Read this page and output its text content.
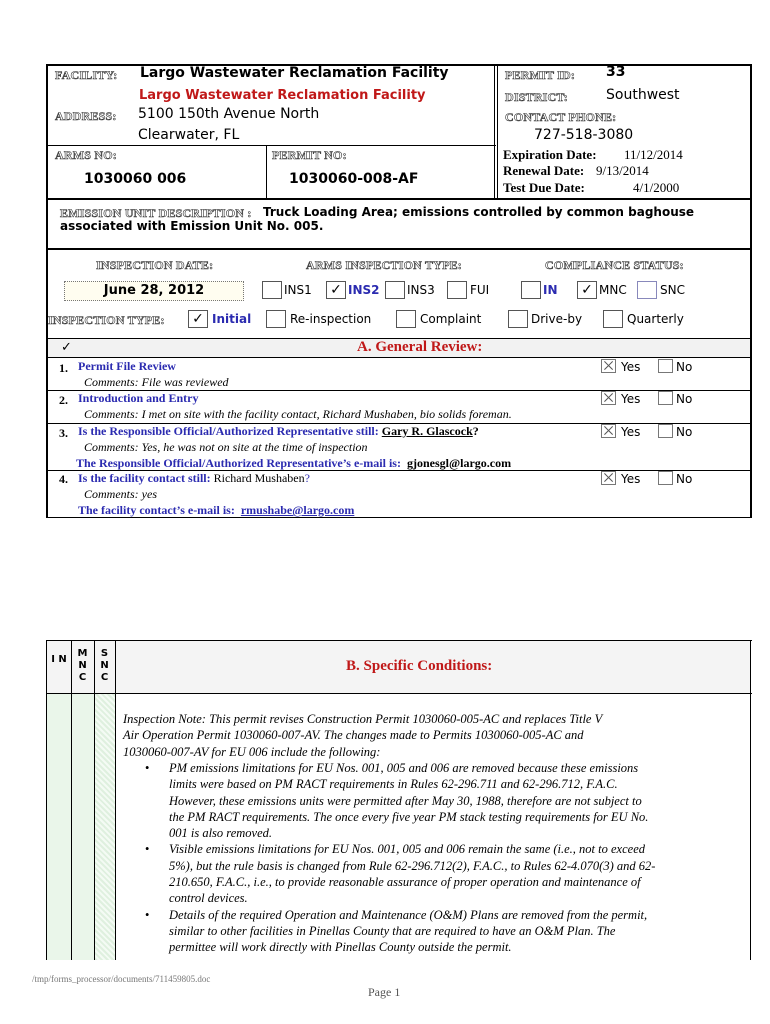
FACILITY: Largo Wastewater Reclamation Facility
Largo Wastewater Reclamation Facility
ADDRESS: 5100 150th Avenue North
Clearwater, FL
PERMIT ID: 33
DISTRICT:	Southwest
CONTACT PHONE:
727-518-3080
ARMS NO:
1030060 006
PERMIT NO:
1030060-008-AF
Expiration Date: 11/12/2014
Renewal Date: 9/13/2014
Test Due Date:	4/1/2000
EMISSION UNIT DESCRIPTION : Truck Loading Area; emissions controlled by common baghouse
associated with Emission Unit No. 005.
INSPECTION DATE:	ARMS INSPECTION TYPE:	COMPLIANCE STATUS:
June 28, 2012	INS1 ✓ INS2 INS3	FUI	IN ✓ MNC	SNC
INSPECTION TYPE: ✓ Initial	Re-inspection	Complaint	Drive-by	Quarterly
✓	A. General Review:
1. Permit File Review
Comments: File was reviewed
⨉ Yes	No
2. Introduction and Entry
Comments: I met on site with the facility contact, Richard Mushaben, bio solids foreman.
⨉ Yes	No
3. Is the Responsible Official/Authorized Representative still: Gary R. Glascock?
Comments: Yes, he was not on site at the time of inspection
The Responsible Official/Authorized Representative’s e-mail is: gjonesgl@largo.com
⨉ Yes	No
4. Is the facility contact still: Richard Mushaben?
Comments: yes
The facility contact’s e-mail is: rmushabe@largo.com
⨉ Yes	No
I N
M N C
S N C
B. Specific Conditions:
Inspection Note: This permit revises Construction Permit 1030060-005-AC and replaces Title V
Air Operation Permit 1030060-007-AV. The changes made to Permits 1030060-005-AC and
1030060-007-AV for EU 006 include the following:
• PM emissions limitations for EU Nos. 001, 005 and 006 are removed because these emissions
limits were based on PM RACT requirements in Rules 62-296.711 and 62-296.712, F.A.C.
However, these emissions units were permitted after May 30, 1988, therefore are not subject to
the PM RACT requirements. The once every five year PM stack testing requirements for EU No.
001 is also removed.
• Visible emissions limitations for EU Nos. 001, 005 and 006 remain the same (i.e., not to exceed
5%), but the rule basis is changed from Rule 62-296.712(2), F.A.C., to Rules 62-4.070(3) and 62-
210.650, F.A.C., i.e., to provide reasonable assurance of proper operation and maintenance of
control devices.
• Details of the required Operation and Maintenance (O&M) Plans are removed from the permit,
similar to other facilities in Pinellas County that are required to have an O&M Plan. The
permittee will work directly with Pinellas County outside the permit.
/tmp/forms_processor/documents/711459805.doc
Page 1
